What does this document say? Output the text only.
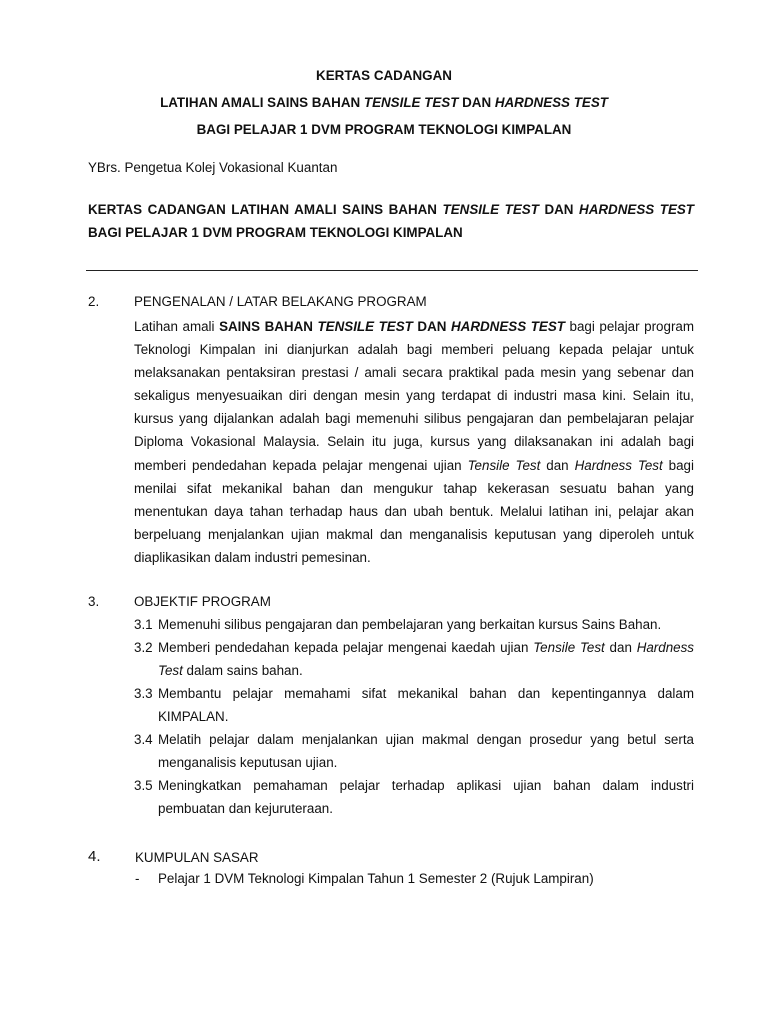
KERTAS CADANGAN
LATIHAN AMALI SAINS BAHAN TENSILE TEST DAN HARDNESS TEST
BAGI PELAJAR 1 DVM PROGRAM TEKNOLOGI KIMPALAN
YBrs. Pengetua Kolej Vokasional Kuantan
KERTAS CADANGAN LATIHAN AMALI SAINS BAHAN TENSILE TEST DAN HARDNESS TEST BAGI PELAJAR 1 DVM PROGRAM TEKNOLOGI KIMPALAN
2.	PENGENALAN / LATAR BELAKANG PROGRAM
Latihan amali SAINS BAHAN TENSILE TEST DAN HARDNESS TEST bagi pelajar program Teknologi Kimpalan ini dianjurkan adalah bagi memberi peluang kepada pelajar untuk melaksanakan pentaksiran prestasi / amali secara praktikal pada mesin yang sebenar dan sekaligus menyesuaikan diri dengan mesin yang terdapat di industri masa kini. Selain itu, kursus yang dijalankan adalah bagi memenuhi silibus pengajaran dan pembelajaran pelajar Diploma Vokasional Malaysia. Selain itu juga, kursus yang dilaksanakan ini adalah bagi memberi pendedahan kepada pelajar mengenai ujian Tensile Test dan Hardness Test bagi menilai sifat mekanikal bahan dan mengukur tahap kekerasan sesuatu bahan yang menentukan daya tahan terhadap haus dan ubah bentuk. Melalui latihan ini, pelajar akan berpeluang menjalankan ujian makmal dan menganalisis keputusan yang diperoleh untuk diaplikasikan dalam industri pemesinan.
3.	OBJEKTIF PROGRAM
3.1 Memenuhi silibus pengajaran dan pembelajaran yang berkaitan kursus Sains Bahan.
3.2 Memberi pendedahan kepada pelajar mengenai kaedah ujian Tensile Test dan Hardness Test dalam sains bahan.
3.3 Membantu pelajar memahami sifat mekanikal bahan dan kepentingannya dalam KIMPALAN.
3.4 Melatih pelajar dalam menjalankan ujian makmal dengan prosedur yang betul serta menganalisis keputusan ujian.
3.5 Meningkatkan pemahaman pelajar terhadap aplikasi ujian bahan dalam industri pembuatan dan kejuruteraan.
4.	KUMPULAN SASAR
- Pelajar 1 DVM Teknologi Kimpalan Tahun 1 Semester 2 (Rujuk Lampiran)
